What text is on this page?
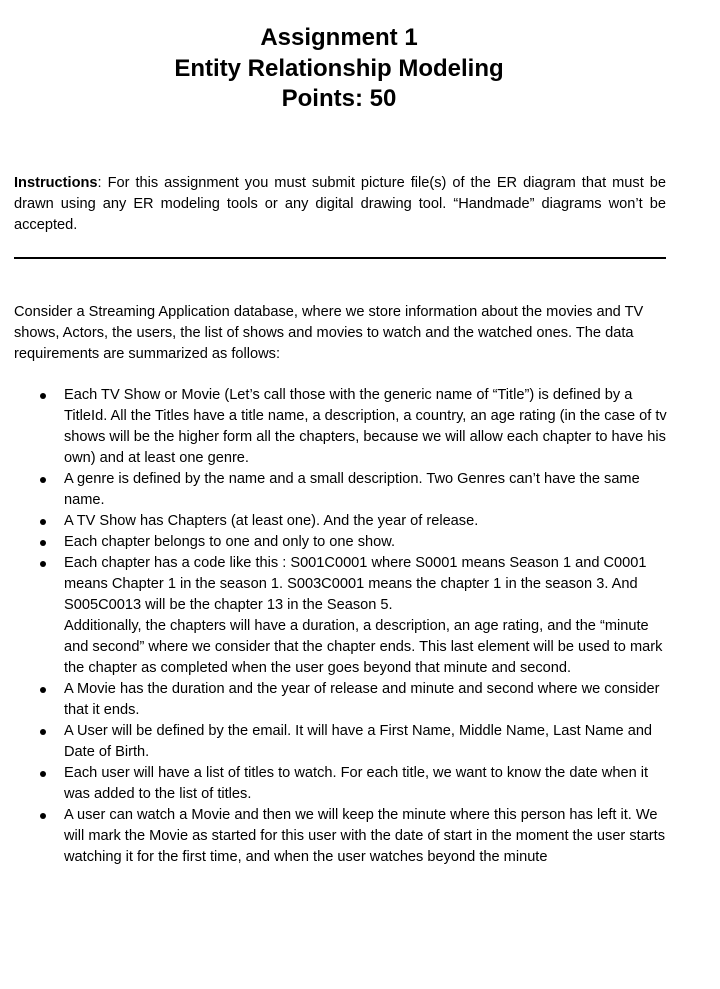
Assignment 1
Entity Relationship Modeling
Points: 50
Instructions: For this assignment you must submit picture file(s) of the ER diagram that must be drawn using any ER modeling tools or any digital drawing tool. “Handmade” diagrams won’t be accepted.
Consider a Streaming Application database, where we store information about the movies and TV shows, Actors, the users, the list of shows and movies to watch and the watched ones. The data requirements are summarized as follows:
Each TV Show or Movie (Let’s call those with the generic name of “Title”) is defined by a TitleId. All the Titles have a title name, a description, a country, an age rating (in the case of tv shows will be the higher form all the chapters, because we will allow each chapter to have his own) and at least one genre.
A genre is defined by the name and a small description. Two Genres can’t have the same name.
A TV Show has Chapters (at least one). And the year of release.
Each chapter belongs to one and only to one show.
Each chapter has a code like this : S001C0001 where S0001 means Season 1 and C0001 means Chapter 1 in the season 1. S003C0001 means the chapter 1 in the season 3. And S005C0013 will be the chapter 13 in the Season 5.
Additionally, the chapters will have a duration, a description, an age rating, and the “minute and second” where we consider that the chapter ends. This last element will be used to mark the chapter as completed when the user goes beyond that minute and second.
A Movie has the duration and the year of release and minute and second where we consider that it ends.
A User will be defined by the email. It will have a First Name, Middle Name, Last Name and Date of Birth.
Each user will have a list of titles to watch. For each title, we want to know the date when it was added to the list of titles.
A user can watch a Movie and then we will keep the minute where this person has left it. We will mark the Movie as started for this user with the date of start in the moment the user starts watching it for the first time, and when the user watches beyond the minute
